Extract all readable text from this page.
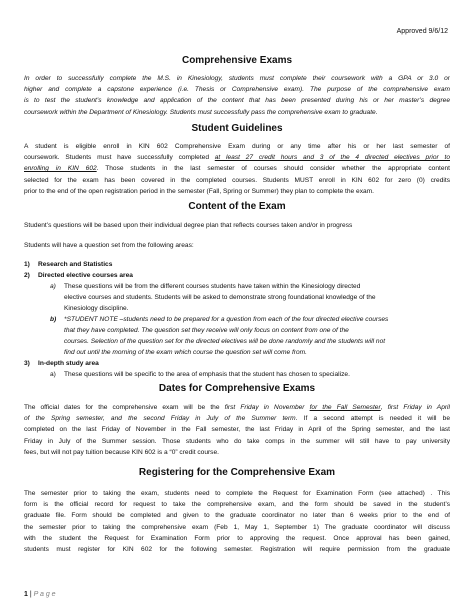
Approved 9/6/12
Comprehensive Exams
In order to successfully complete the M.S. in Kinesiology, students must complete their coursework with a GPA or 3.0 or
higher and complete a capstone experience (i.e. Thesis or Comprehensive exam). The purpose of the comprehensive exam
is to test the student’s knowledge and application of the content that has been presented during his or her master’s degree
coursework within the Department of Kinesiology. Students must successfully pass the comprehensive exam to graduate.
Student Guidelines
A student is eligible enroll in KIN 602 Comprehensive Exam during or any time after his or her last semester of
coursework. Students must have successfully completed at least 27 credit hours and 3 of the 4 directed electives prior to
enrolling in KIN 602. Those students in the last semester of courses should consider whether the appropriate content
selected for the exam has been covered in the completed courses. Students MUST enroll in KIN 602 for zero (0) credits
prior to the end of the open registration period in the semester (Fall, Spring or Summer) they plan to complete the exam.
Content of the Exam
Student’s questions will be based upon their individual degree plan that reflects courses taken and/or in progress
Students will have a question set from the following areas:
1) Research and Statistics
2) Directed elective courses area
a) These questions will be from the different courses students have taken within the Kinesiology directed
elective courses and students. Students will be asked to demonstrate strong foundational knowledge of the
Kinesiology discipline.
b) *STUDENT NOTE –students need to be prepared for a question from each of the four directed elective courses
that they have completed. The question set they receive will only focus on content from one of the
courses. Selection of the question set for the directed electives will be done randomly and the students will not
find out until the morning of the exam which course the question set will come from.
3) In-depth study area
a) These questions will be specific to the area of emphasis that the student has chosen to specialize.
Dates for Comprehensive Exams
The official dates for the comprehensive exam will be the first Friday in November for the Fall Semester, first Friday in April
of the Spring semester, and the second Friday in July of the Summer term. If a second attempt is needed it will be
completed on the last Friday of November in the Fall semester, the last Friday in April of the Spring semester, and the last
Friday in July of the Summer session. Those students who do take comps in the summer will still have to pay university
fees, but will not pay tuition because KIN 602 is a “0” credit course.
Registering for the Comprehensive Exam
The semester prior to taking the exam, students need to complete the Request for Examination Form (see attached) . This
form is the official record for request to take the comprehensive exam, and the form should be saved in the student’s
graduate file. Form should be completed and given to the graduate coordinator no later than 6 weeks prior to the end of
the semester prior to taking the comprehensive exam (Feb 1, May 1, September 1) The graduate coordinator will discuss
with the student the Request for Examination Form prior to approving the request. Once approval has been gained,
students must register for KIN 602 for the following semester. Registration will require permission from the graduate
1 | P a g e
